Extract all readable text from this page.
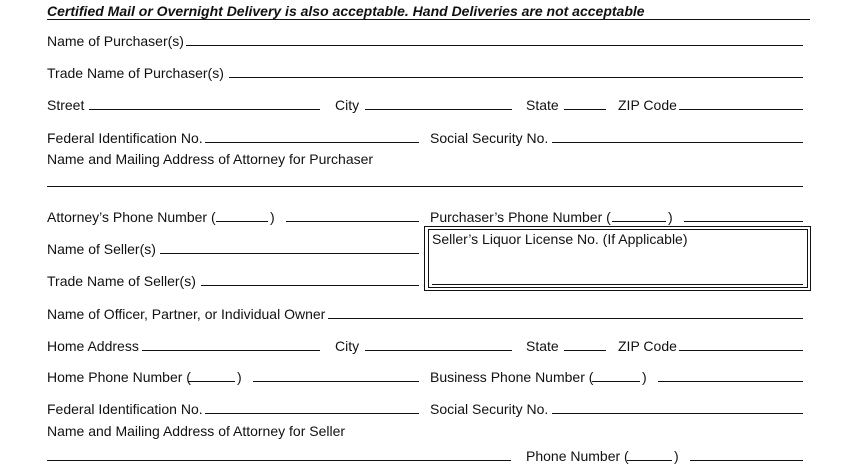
Certified Mail or Overnight Delivery is also acceptable. Hand Deliveries are not acceptable
Name of Purchaser(s)
Trade Name of Purchaser(s)
Street	City	State	ZIP Code
Federal Identification No.	Social Security No.
Name and Mailing Address of Attorney for Purchaser
Attorney’s Phone Number (	)	Purchaser’s Phone Number (	)
Name of Seller(s)
Trade Name of Seller(s)
Seller’s Liquor License No. (If Applicable)
Name of Officer, Partner, or Individual Owner
Home Address	City	State	ZIP Code
Home Phone Number (	)	Business Phone Number (	)
Federal Identification No.	Social Security No.
Name and Mailing Address of Attorney for Seller
Phone Number (	)
